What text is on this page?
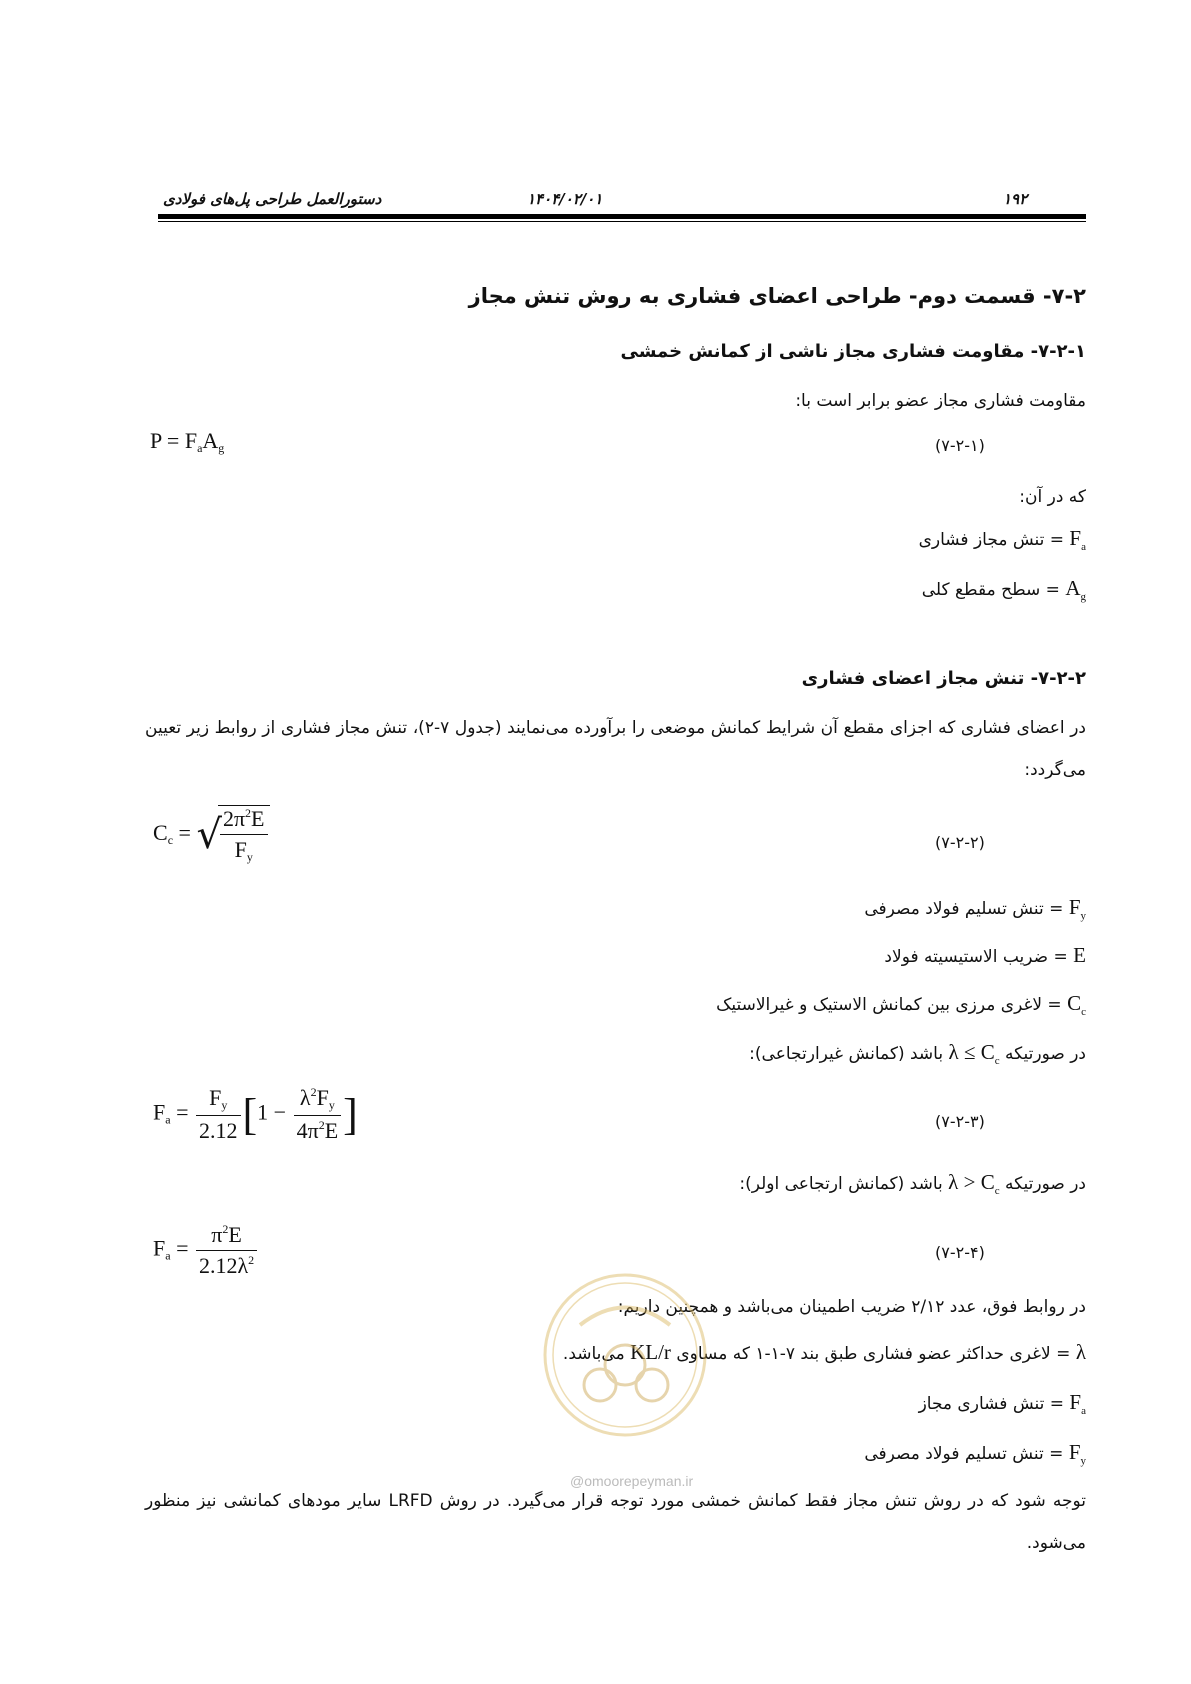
دستورالعمل طراحی پل‌های فولادی	۱۴۰۴/۰۲/۰۱	۱۹۲
۷-۲- قسمت دوم- طراحی اعضای فشاری به روش تنش مجاز
۷-۲-۱- مقاومت فشاری مجاز ناشی از کمانش خمشی

مقاومت فشاری مجاز عضو برابر است با:

$P = F_aA_g$	(۷-۲-۱)

که در آن:

$F_a$ = تنش مجاز فشاری
$A_g$ = سطح مقطع کلی
۷-۲-۲- تنش مجاز اعضای فشاری

در اعضای فشاری که اجزای مقطع آن شرایط کمانش موضعی را برآورده می‌نمایند (جدول ۷-۲)، تنش مجاز فشاری از روابط زیر تعیین می‌گردد:

$C_c$ = √
$\frac{2\pi^2E}{F_y}$	(۷-۲-۲)
$F_y$ = تنش تسلیم فولاد مصرفی
E = ضریب الاستیسیته فولاد
$C_c$ = لاغری مرزی بین کمانش الاستیک و غیرالاستیک
در صورتیکه $\lambda \le C_c$ باشد (کمانش غیرارتجاعی):
$F_a = \frac{F_y}{2.12} [1 - \frac{\lambda^2F_y}{4\pi^2E}$ ]	(۷-۲-۳)
در صورتیکه $\lambda > C_c$ باشد (کمانش ارتجاعی اولر):
$F_a = \frac{\pi^2E}{2.12\lambda^2}$	(۷-۲-۴)

در روابط فوق، عدد ۲/۱۲ ضریب اطمینان می‌باشد و همچنین داریم:

λ = لاغری حداکثر عضو فشاری طبق بند ۷-۱-۱ که مساوی KL/r می‌باشد.
$F_a$ = تنش فشاری مجاز
$F_y$ = تنش تسلیم فولاد مصرفی

توجه شود که در روش تنش مجاز فقط کمانش خمشی مورد توجه قرار می‌گیرد. در روش LRFD سایر مودهای کمانشی نیز منظور می‌شود.

@omoorepeyman.ir
